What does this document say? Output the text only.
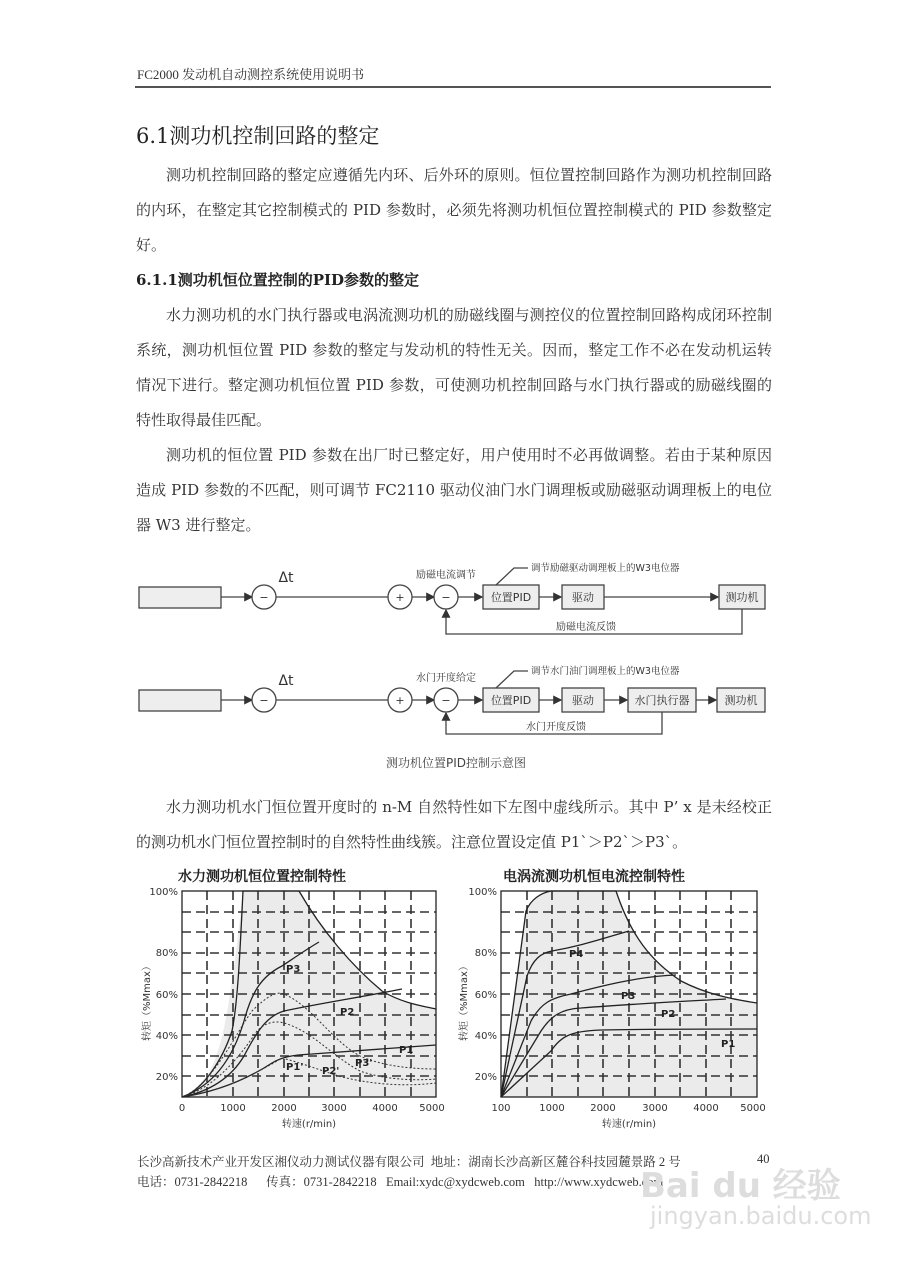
FC2000 发动机自动测控系统使用说明书
6.1测功机控制回路的整定
测功机控制回路的整定应遵循先内环、后外环的原则。恒位置控制回路作为测功机控制回路的内环，在整定其它控制模式的 PID 参数时，必须先将测功机恒位置控制模式的 PID 参数整定好。
6.1.1测功机恒位置控制的PID参数的整定
水力测功机的水门执行器或电涡流测功机的励磁线圈与测控仪的位置控制回路构成闭环控制系统，测功机恒位置 PID 参数的整定与发动机的特性无关。因而，整定工作不必在发动机运转情况下进行。整定测功机恒位置 PID 参数，可使测功机控制回路与水门执行器或的励磁线圈的特性取得最佳匹配。
测功机的恒位置 PID 参数在出厂时已整定好，用户使用时不必再做调整。若由于某种原因造成 PID 参数的不匹配，则可调节 FC2110 驱动仪油门水门调理板或励磁驱动调理板上的电位器 W3 进行整定。
−
Δt
+	−
励磁电流调节
调节励磁驱动调理板上的W3电位器
位置PID	驱动	测功机
励磁电流反馈
−
Δt
+	−
水门开度给定
调节水门油门调理板上的W3电位器
位置PID	驱动	水门执行器	测功机
水门开度反馈
测功机位置PID控制示意图
水力测功机水门恒位置开度时的 n-M 自然特性如下左图中虚线所示。其中 P’ x 是未经校正的测功机水门恒位置控制时的自然特性曲线簇。注意位置设定值 P1`＞P2`＞P3`。
水力测功机恒位置控制特性
P3
P2
P1
P3'
P2'
P1'
20%
40%
60%
80%
100%
0	1000	2000 3000	4000 5000
转速(r/min)
转矩（%Mmax）
电涡流测功机恒电流控制特性
P4
P3
P2
P1
20%
40%
60%
80%
100%
100	1000	2000	3000	4000 5000
转速(r/min)
转矩（%Mmax）
长沙高新技术产业开发区湘仪动力测试仪器有限公司  地址：湖南长沙高新区麓谷科技园麓景路 2 号	40
电话：0731-2842218      传真：0731-2842218   Email:xydc@xydcweb.com   http://www.xydcweb.com
Bai du 经验
jingyan.baidu.com
